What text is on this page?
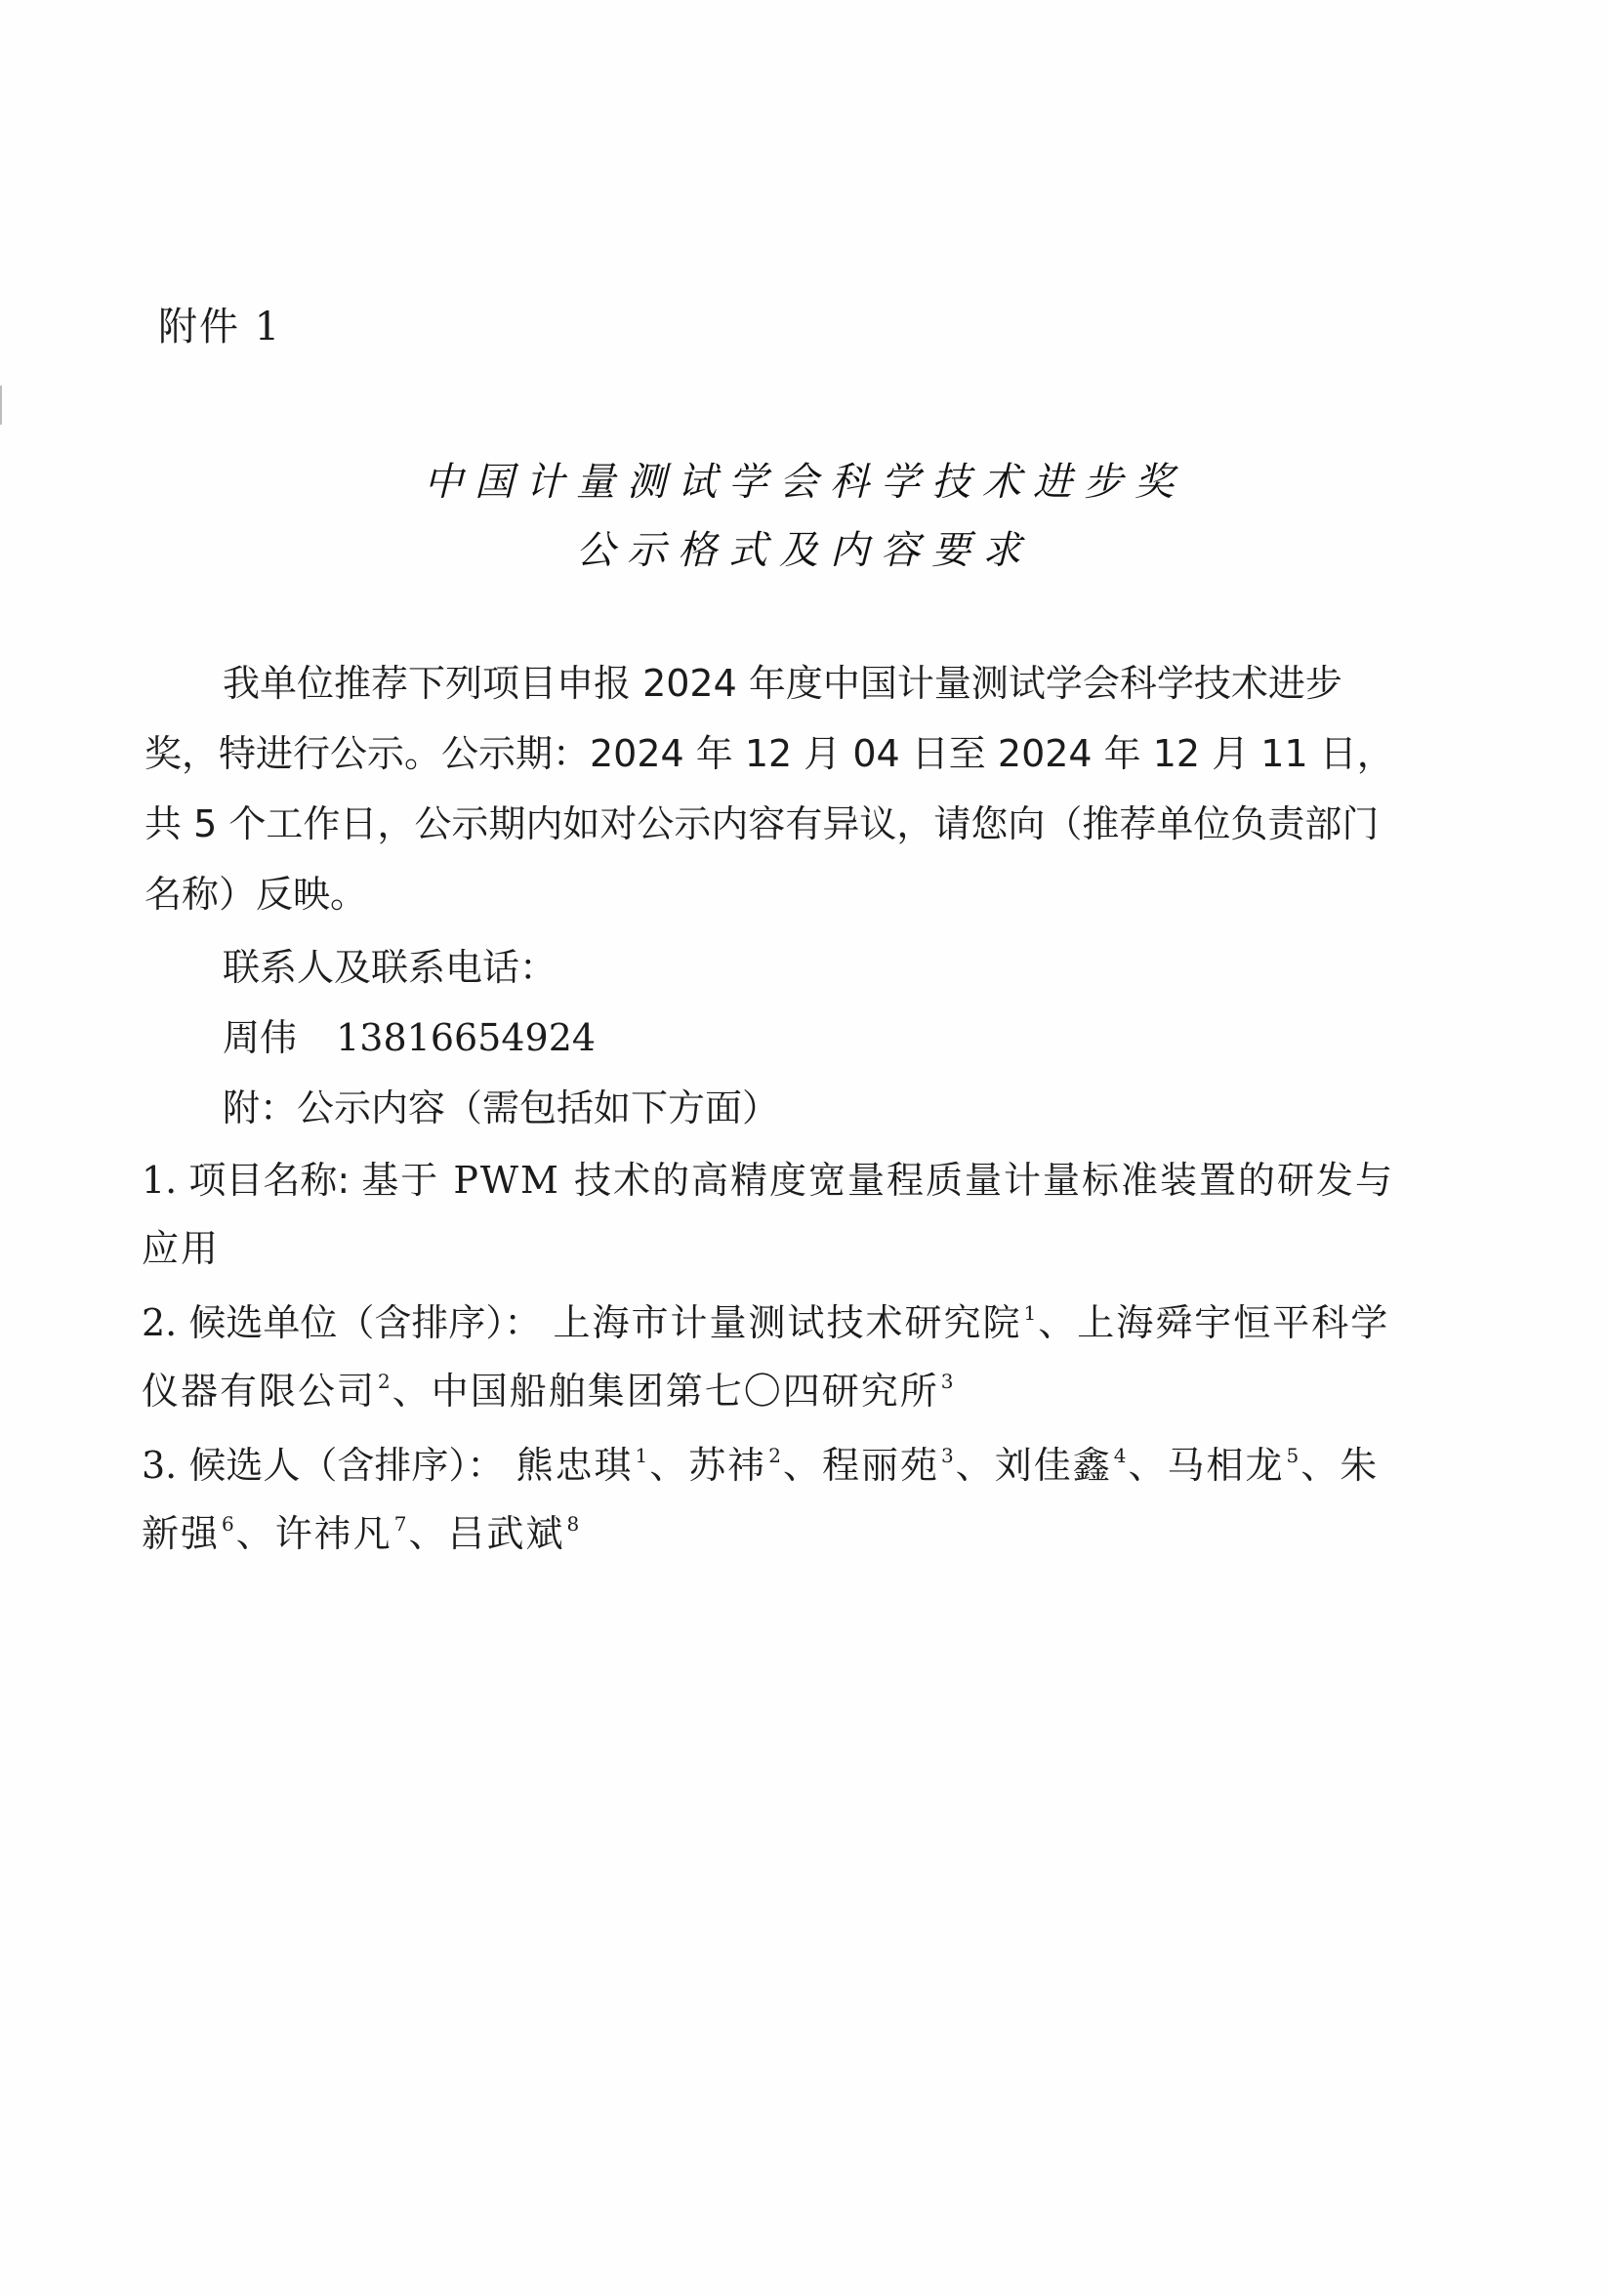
附件 1
中国计量测试学会科学技术进步奖
公示格式及内容要求
我单位推荐下列项目申报 2024 年度中国计量测试学会科学技术进步奖，特进行公示。公示期：2024 年 12 月 04 日至 2024 年 12 月 11 日，共 5 个工作日，公示期内如对公示内容有异议，请您向（推荐单位负责部门名称）反映。
联系人及联系电话：
周伟 13816654924
附：公示内容（需包括如下方面）
1. 项目名称: 基于 PWM 技术的高精度宽量程质量计量标准装置的研发与应用
2. 候选单位（含排序）： 上海市计量测试技术研究院 $^1$、上海舜宇恒平科学仪器有限公司 $^2$、中国船舶集团第七〇四研究所 $^3$
3. 候选人（含排序）： 熊忠琪 $^1$、苏祎 $^2$、程丽苑 $^3$、刘佳鑫 $^4$、马相龙 $^5$、朱新强 $^6$、许祎凡 $^7$、吕武斌 $^8$
